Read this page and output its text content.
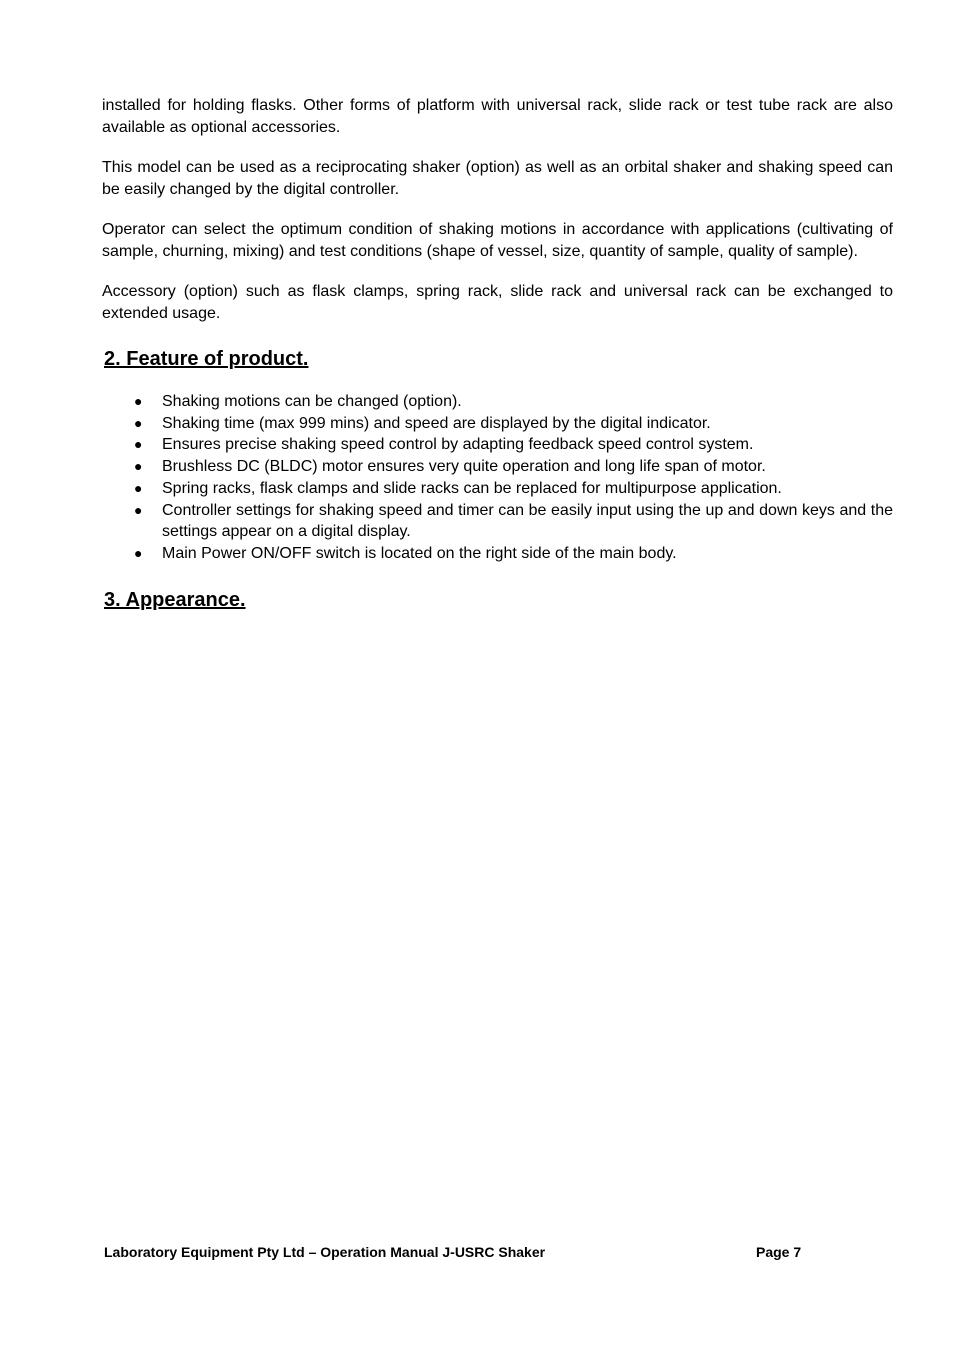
installed for holding flasks. Other forms of platform with universal rack, slide rack or test tube rack are also available as optional accessories.

This model can be used as a reciprocating shaker (option) as well as an orbital shaker and shaking speed can be easily changed by the digital controller.

Operator can select the optimum condition of shaking motions in accordance with applications (cultivating of sample, churning, mixing) and test conditions (shape of vessel, size, quantity of sample, quality of sample).

Accessory (option) such as flask clamps, spring rack, slide rack and universal rack can be exchanged to extended usage.

2. Feature of product.
● Shaking motions can be changed (option).
● Shaking time (max 999 mins) and speed are displayed by the digital indicator.
● Ensures precise shaking speed control by adapting feedback speed control system.
● Brushless DC (BLDC) motor ensures very quite operation and long life span of motor.
● Spring racks, flask clamps and slide racks can be replaced for multipurpose application.
● Controller settings for shaking speed and timer can be easily input using the up and down keys and the settings appear on a digital display.
● Main Power ON/OFF switch is located on the right side of the main body.
3. Appearance.
Laboratory Equipment Pty Ltd – Operation Manual J-USRC Shaker	Page 7
